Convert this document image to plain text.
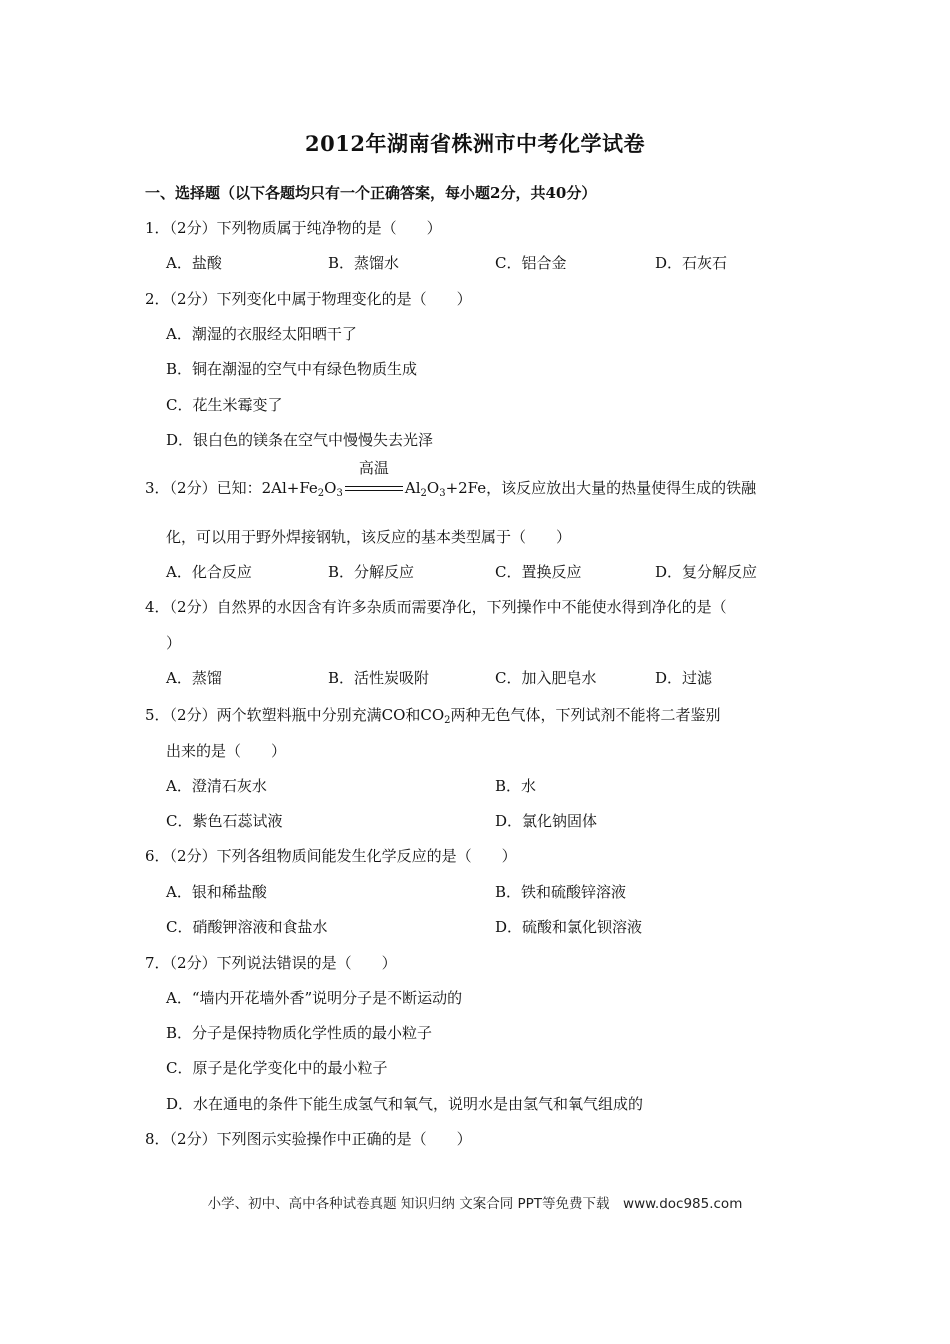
2012年湖南省株洲市中考化学试卷
一、选择题（以下各题均只有一个正确答案，每小题2分，共40分）
1．（2分）下列物质属于纯净物的是（　　）
A．盐酸	B．蒸馏水	C．铝合金	D．石灰石
2．（2分）下列变化中属于物理变化的是（　　）
A．潮湿的衣服经太阳晒干了
B．铜在潮湿的空气中有绿色物质生成
C．花生米霉变了
D．银白色的镁条在空气中慢慢失去光泽
3．（2分）已知：$2Al+Fe_2O_3$
高温
$Al_2O_3+2Fe$，该反应放出大量的热量使得生成的铁融
化，可以用于野外焊接钢轨，该反应的基本类型属于（　　）
A．化合反应	B．分解反应	C．置换反应	D．复分解反应
4．（2分）自然界的水因含有许多杂质而需要净化，下列操作中不能使水得到净化的是（
）
A．蒸馏	B．活性炭吸附	C．加入肥皂水	D．过滤
5．（2分）两个软塑料瓶中分别充满CO和$CO_2$两种无色气体，下列试剂不能将二者鉴别
出来的是（　　）
A．澄清石灰水	B．水
C．紫色石蕊试液	D．氯化钠固体
6．（2分）下列各组物质间能发生化学反应的是（　　）
A．银和稀盐酸	B．铁和硫酸锌溶液
C．硝酸钾溶液和食盐水	D．硫酸和氯化钡溶液
7．（2分）下列说法错误的是（　　）
A．“墙内开花墙外香”说明分子是不断运动的
B．分子是保持物质化学性质的最小粒子
C．原子是化学变化中的最小粒子
D．水在通电的条件下能生成氢气和氧气，说明水是由氢气和氧气组成的
8．（2分）下列图示实验操作中正确的是（　　）
小学、初中、高中各种试卷真题 知识归纳 文案合同 PPT等免费下载　www.doc985.com
